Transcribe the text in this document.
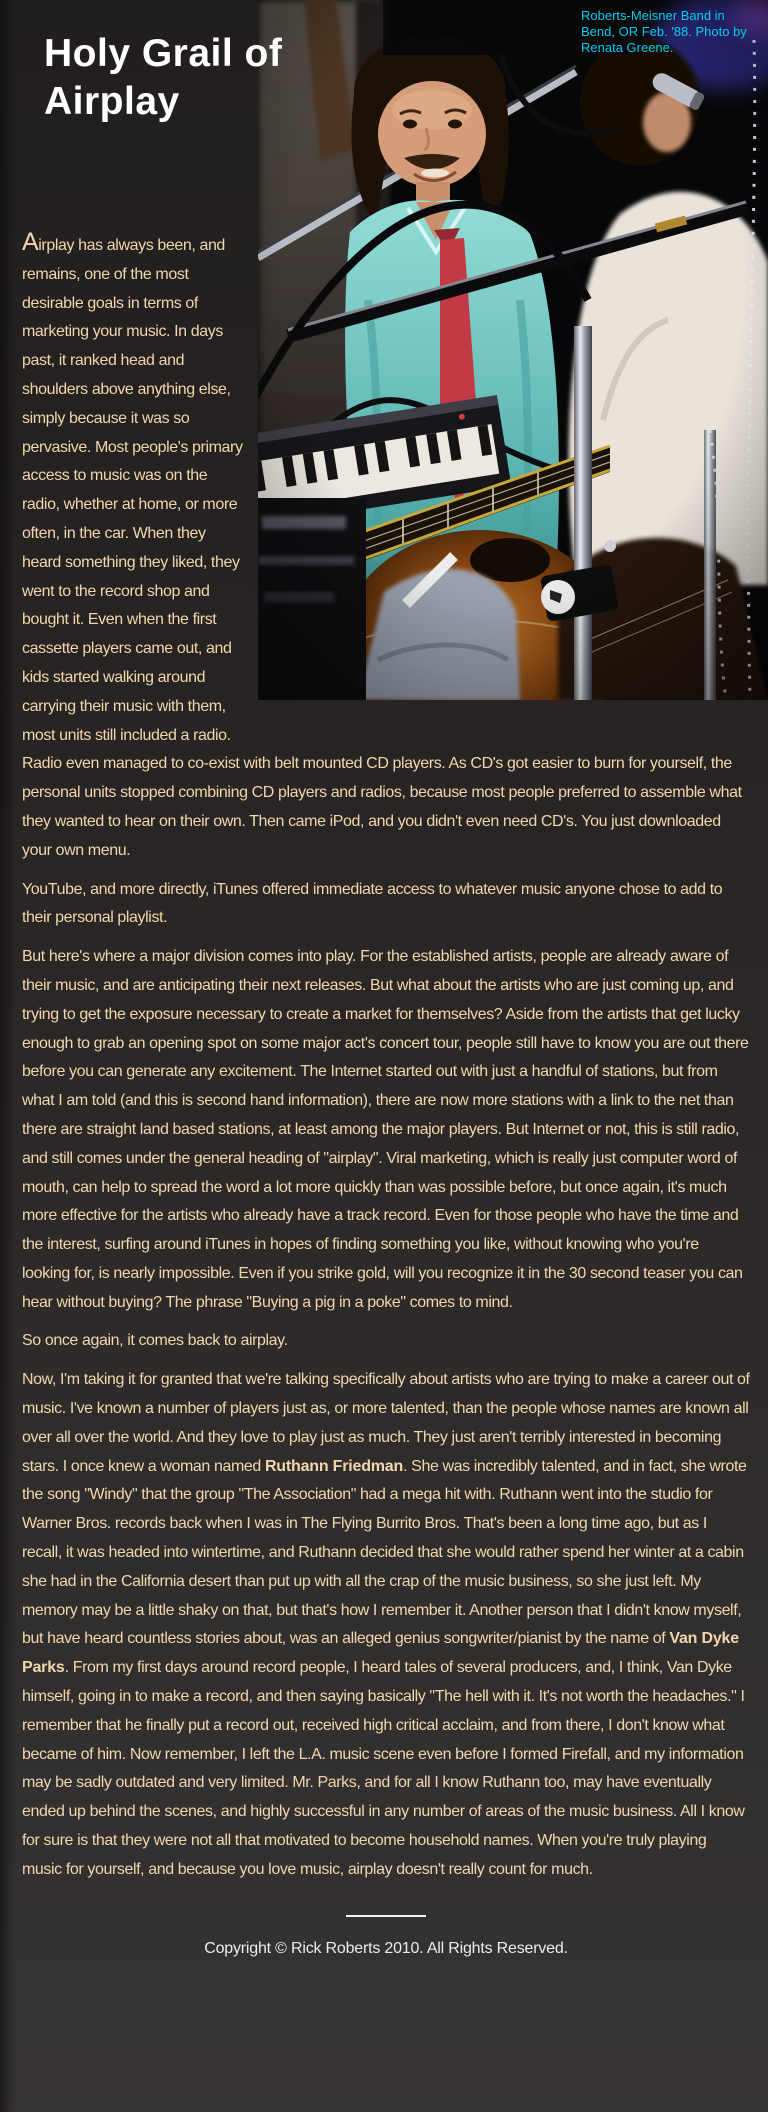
Roberts-Meisner Band in Bend, OR Feb. '88. Photo by Renata Greene.
Holy Grail of Airplay

Airplay has always been, and remains, one of the most desirable goals in terms of marketing your music. In days past, it ranked head and shoulders above anything else, simply because it was so pervasive. Most people's primary access to music was on the radio, whether at home, or more often, in the car. When they heard something they liked, they went to the record shop and bought it. Even when the first cassette players came out, and kids started walking around carrying their music with them, most units still included a radio. Radio even managed to co-exist with belt mounted CD players. As CD's got easier to burn for yourself, the personal units stopped combining CD players and radios, because most people preferred to assemble what they wanted to hear on their own. Then came iPod, and you didn't even need CD's. You just downloaded your own menu.

YouTube, and more directly, iTunes offered immediate access to whatever music anyone chose to add to their personal playlist.

But here's where a major division comes into play. For the established artists, people are already aware of their music, and are anticipating their next releases. But what about the artists who are just coming up, and trying to get the exposure necessary to create a market for themselves? Aside from the artists that get lucky enough to grab an opening spot on some major act's concert tour, people still have to know you are out there before you can generate any excitement. The Internet started out with just a handful of stations, but from what I am told (and this is second hand information), there are now more stations with a link to the net than there are straight land based stations, at least among the major players. But Internet or not, this is still radio, and still comes under the general heading of "airplay". Viral marketing, which is really just computer word of mouth, can help to spread the word a lot more quickly than was possible before, but once again, it's much more effective for the artists who already have a track record. Even for those people who have the time and the interest, surfing around iTunes in hopes of finding something you like, without knowing who you're looking for, is nearly impossible. Even if you strike gold, will you recognize it in the 30 second teaser you can hear without buying? The phrase "Buying a pig in a poke" comes to mind.

So once again, it comes back to airplay.

Now, I'm taking it for granted that we're talking specifically about artists who are trying to make a career out of music. I've known a number of players just as, or more talented, than the people whose names are known all over all over the world. And they love to play just as much. They just aren't terribly interested in becoming stars. I once knew a woman named Ruthann Friedman. She was incredibly talented, and in fact, she wrote the song "Windy" that the group "The Association" had a mega hit with. Ruthann went into the studio for Warner Bros. records back when I was in The Flying Burrito Bros. That's been a long time ago, but as I recall, it was headed into wintertime, and Ruthann decided that she would rather spend her winter at a cabin she had in the California desert than put up with all the crap of the music business, so she just left. My memory may be a little shaky on that, but that's how I remember it. Another person that I didn't know myself, but have heard countless stories about, was an alleged genius songwriter/pianist by the name of Van Dyke Parks. From my first days around record people, I heard tales of several producers, and, I think, Van Dyke himself, going in to make a record, and then saying basically "The hell with it. It's not worth the headaches." I remember that he finally put a record out, received high critical acclaim, and from there, I don't know what became of him. Now remember, I left the L.A. music scene even before I formed Firefall, and my information may be sadly outdated and very limited. Mr. Parks, and for all I know Ruthann too, may have eventually ended up behind the scenes, and highly successful in any number of areas of the music business. All I know for sure is that they were not all that motivated to become household names. When you're truly playing music for yourself, and because you love music, airplay doesn't really count for much.

Copyright © Rick Roberts 2010. All Rights Reserved.
